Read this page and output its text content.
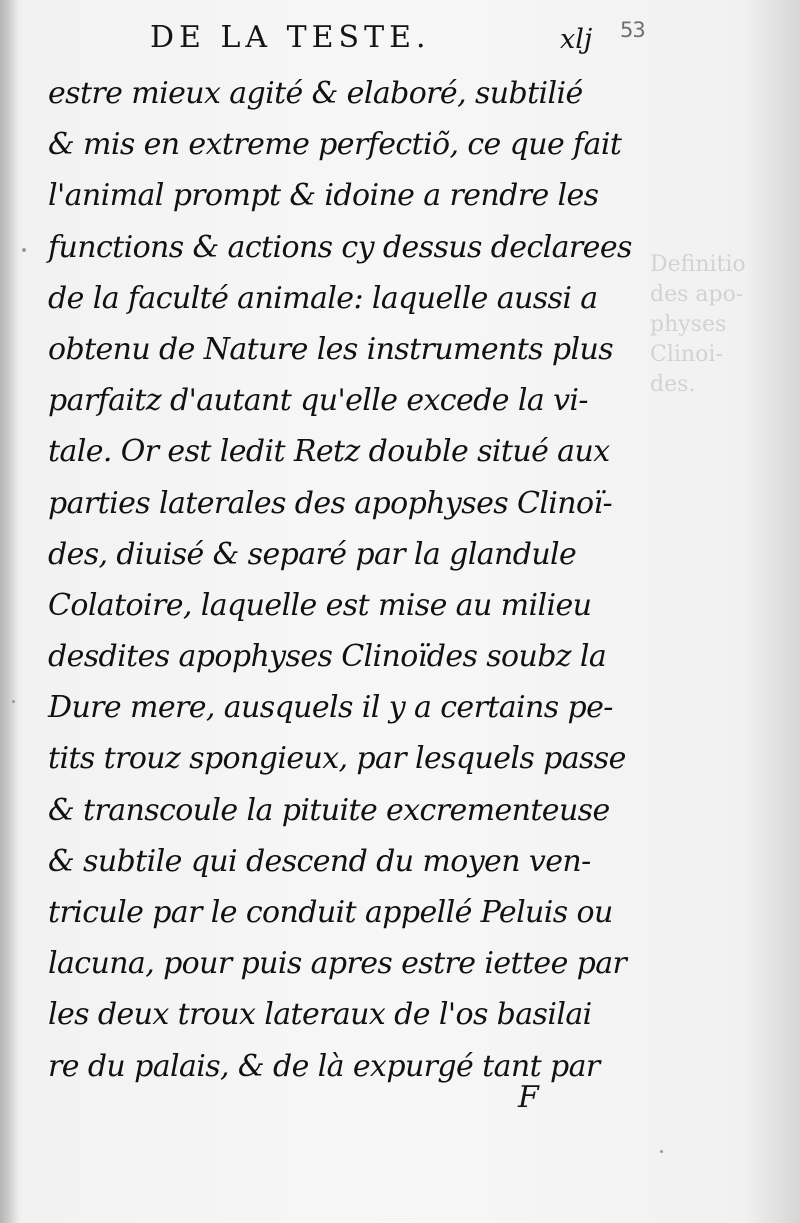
DE LA TESTE.	xlj 53
Definitio
des apo-
physes
Clinoi-
des.
estre mieux agité & elaboré, subtilié
& mis en extreme perfectiõ, ce que fait
l'animal prompt & idoine a rendre les
functions & actions cy dessus declarees
de la faculté animale: laquelle aussi a
obtenu de Nature les instruments plus
parfaitz d'autant qu'elle excede la vi-
tale. Or est ledit Retz double situé aux
parties laterales des apophyses Clinoï-
des, diuisé & separé par la glandule
Colatoire, laquelle est mise au milieu
desdites apophyses Clinoïdes soubz la
Dure mere, ausquels il y a certains pe-
tits trouz spongieux, par lesquels passe
& transcoule la pituite excrementeuse
& subtile qui descend du moyen ven-
tricule par le conduit appellé Peluis ou
lacuna, pour puis apres estre iettee par
les deux troux lateraux de l'os basilai
re du palais, & de là expurgé tant par
F
